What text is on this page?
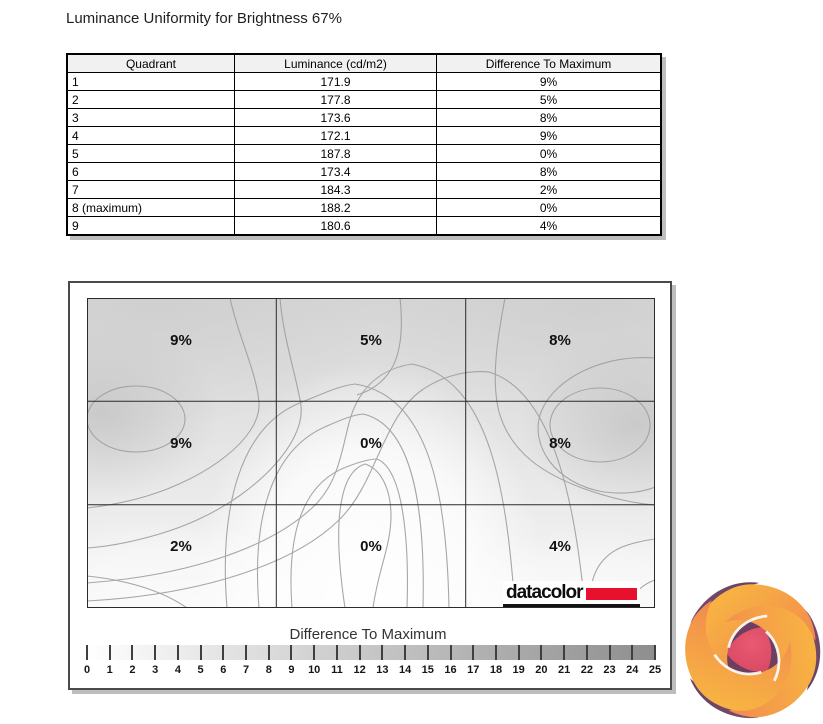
Luminance Uniformity for Brightness 67%
Quadrant	Luminance (cd/m2)	Difference To Maximum
1	171.9	9%
2	177.8	5%
3	173.6	8%
4	172.1	9%
5	187.8	0%
6	173.4	8%
7	184.3	2%
8 (maximum)	188.2	0%
9	180.6	4%
9%	5%	8%
9%	0%	8%
2%	0%	4%
datacolor
Difference To Maximum
0 1 2 3 4 5 6 7 8 9 10 11 12 13 14 15 16 17 18 19 20 21 22 23 24 25
